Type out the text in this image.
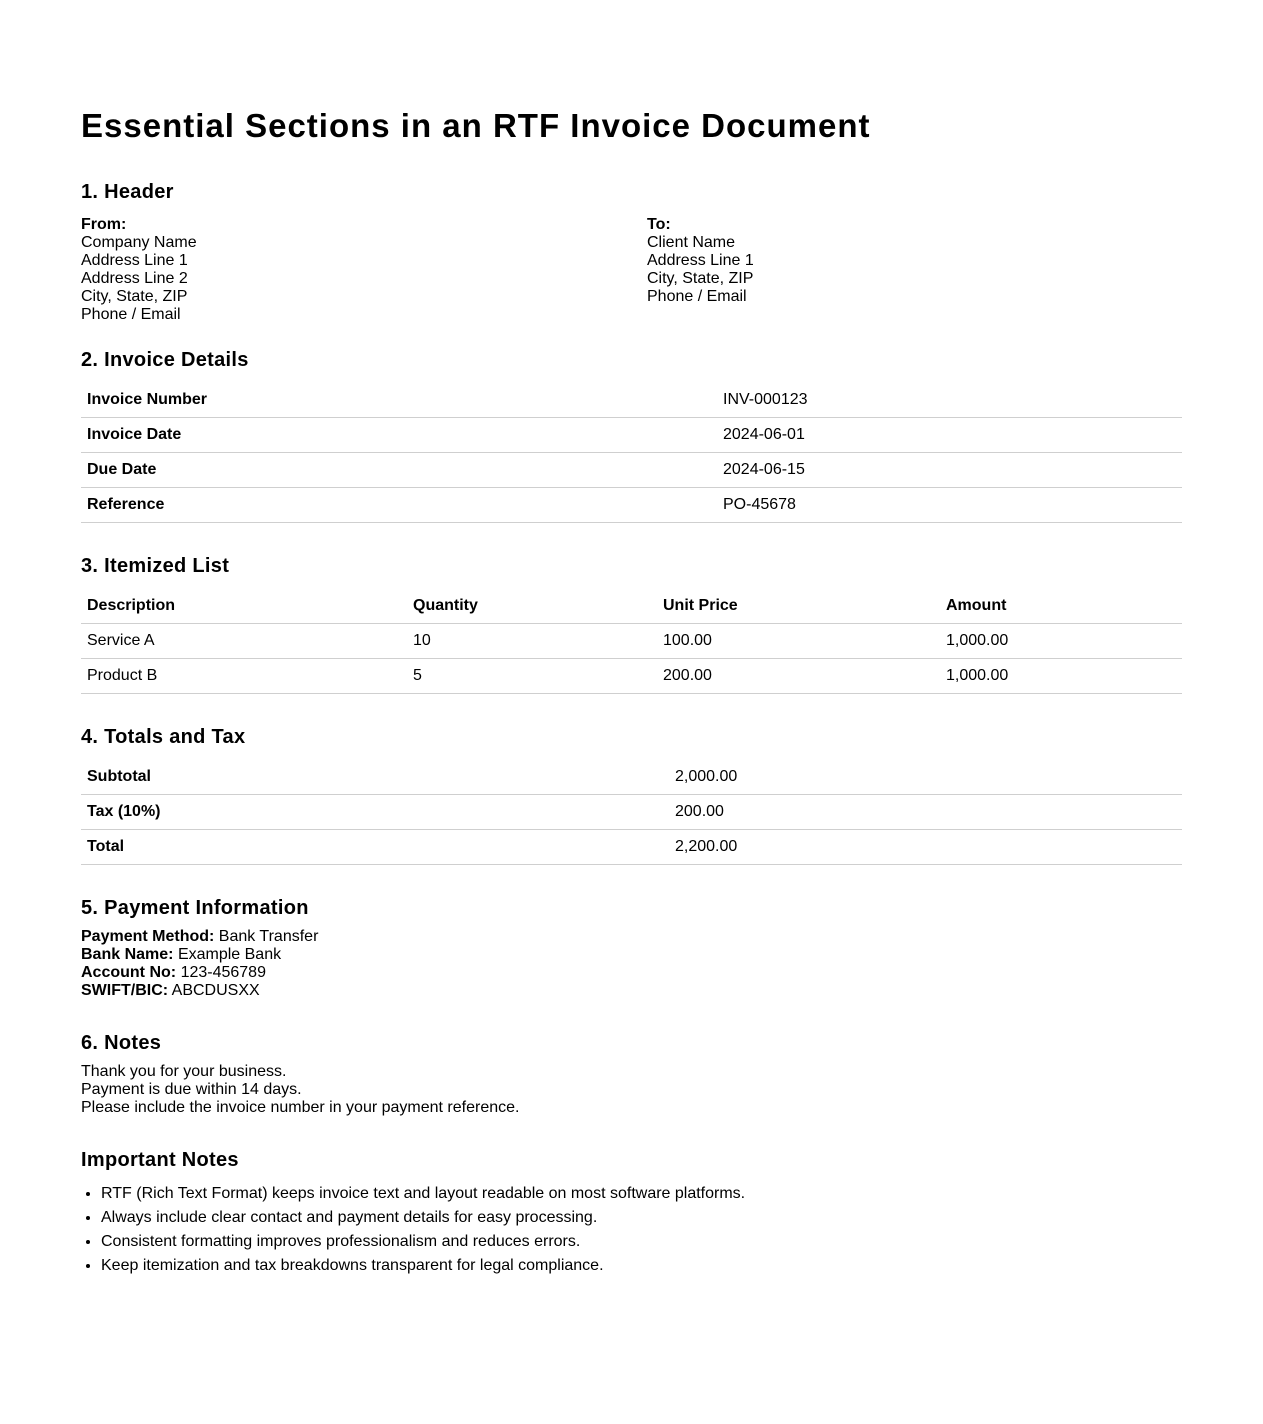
Essential Sections in an RTF Invoice Document
1. Header
From:
Company Name
Address Line 1
Address Line 2
City, State, ZIP
Phone / Email
To:
Client Name
Address Line 1
City, State, ZIP
Phone / Email
2. Invoice Details
Invoice Number	INV-000123
Invoice Date	2024-06-01
Due Date	2024-06-15
Reference	PO-45678
3. Itemized List
Description	Quantity	Unit Price	Amount
Service A	10	100.00	1,000.00
Product B	5	200.00	1,000.00
4. Totals and Tax
Subtotal	2,000.00
Tax (10%)	200.00
Total	2,200.00
5. Payment Information
Payment Method: Bank Transfer
Bank Name: Example Bank
Account No: 123-456789
SWIFT/BIC: ABCDUSXX
6. Notes
Thank you for your business.
Payment is due within 14 days.
Please include the invoice number in your payment reference.
Important Notes
• RTF (Rich Text Format) keeps invoice text and layout readable on most software platforms.
• Always include clear contact and payment details for easy processing.
• Consistent formatting improves professionalism and reduces errors.
• Keep itemization and tax breakdowns transparent for legal compliance.
